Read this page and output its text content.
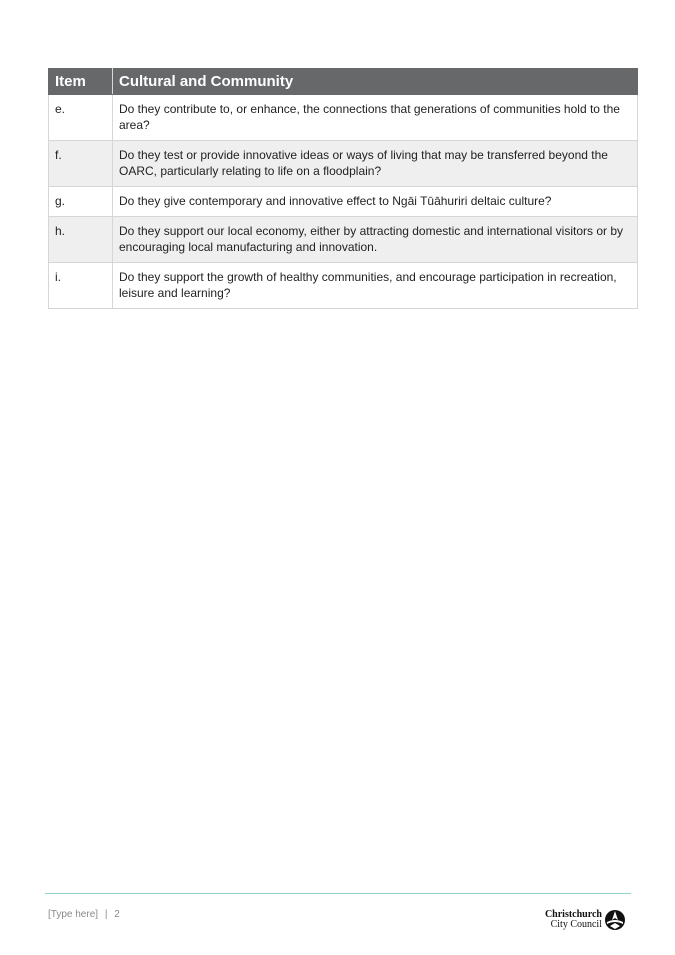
Item	Cultural and Community
e.	Do they contribute to, or enhance, the connections that generations of communities hold to the area?
f.	Do they test or provide innovative ideas or ways of living that may be transferred beyond the OARC, particularly relating to life on a floodplain?
g.	Do they give contemporary and innovative effect to Ngāi Tūāhuriri deltaic culture?
h.	Do they support our local economy, either by attracting domestic and international visitors or by encouraging local manufacturing and innovation.
i.	Do they support the growth of healthy communities, and encourage participation in recreation, leisure and learning?
[Type here] | 2	Christchurch
City Council
